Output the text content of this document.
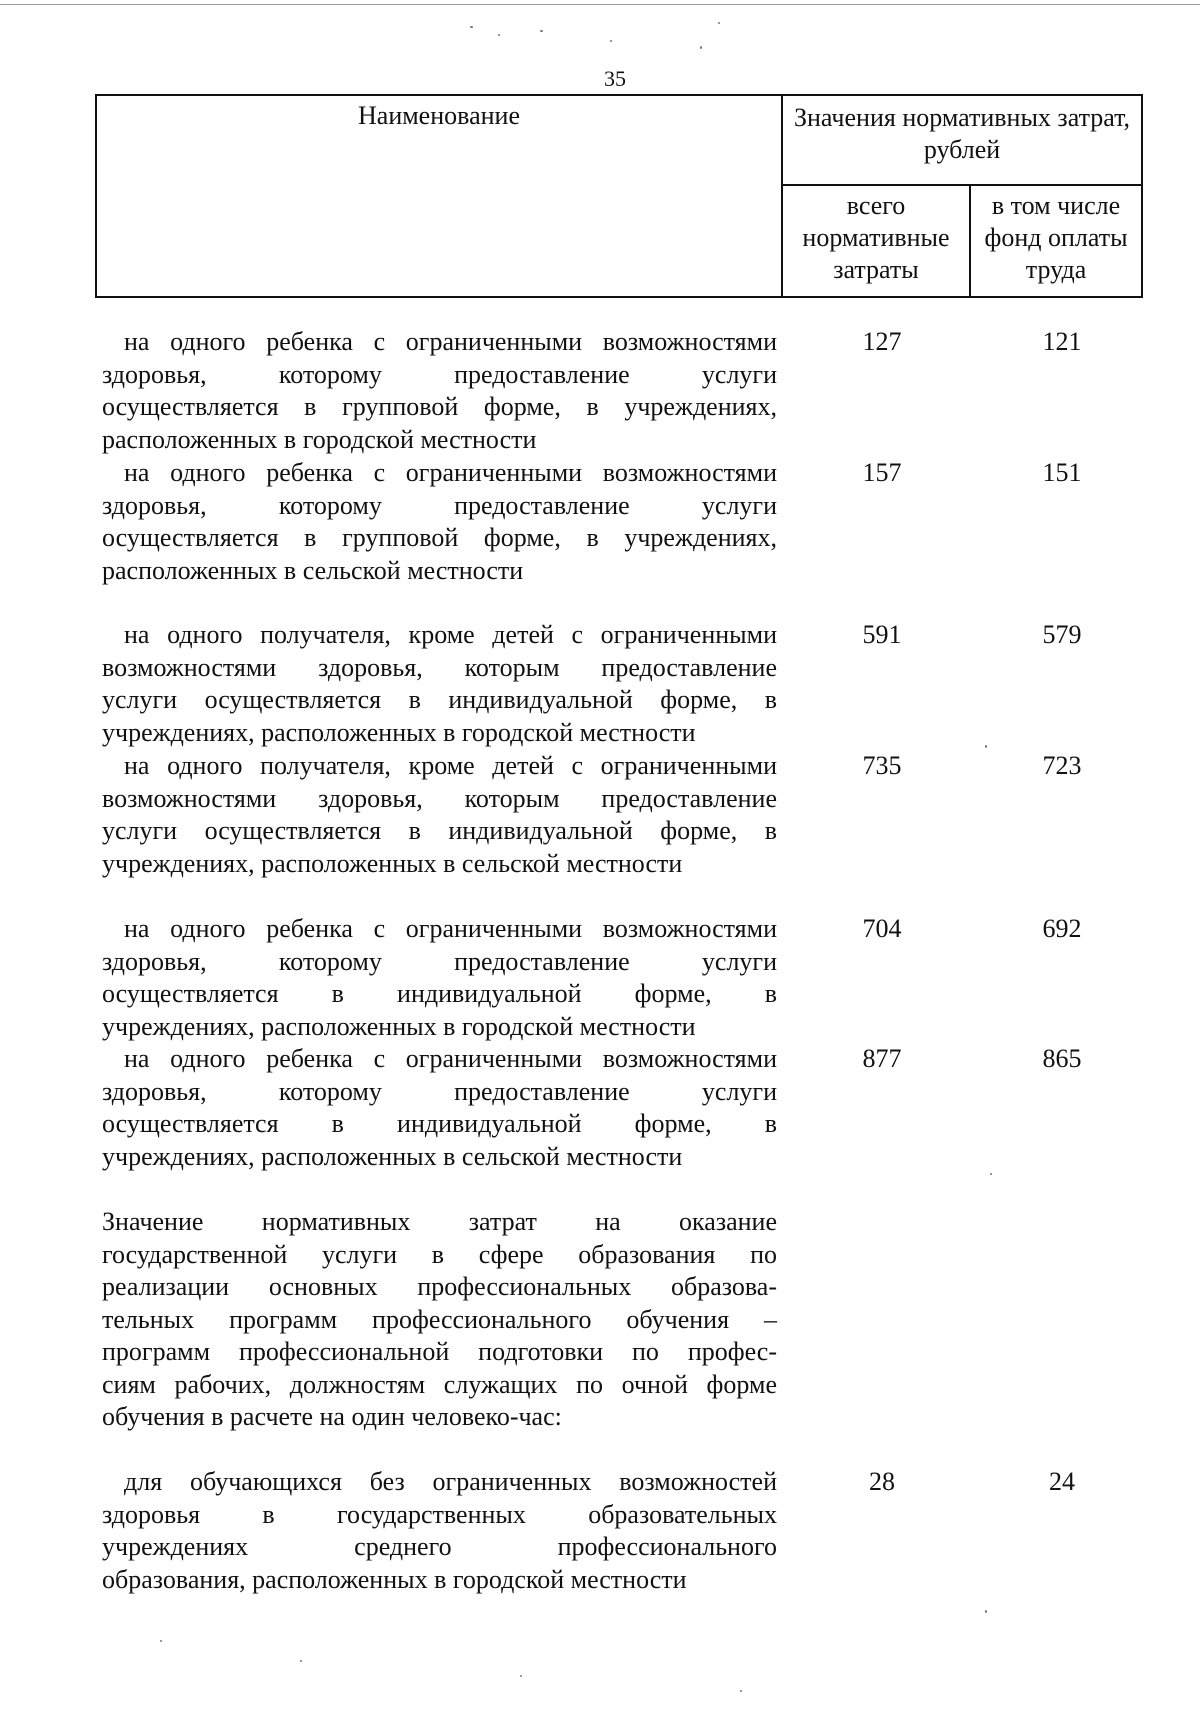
35
Наименование	Значения нормативных затрат, рублей	
	всего нормативные затраты	в том числе фонд оплаты труда
на одного ребенка с ограниченными возможностями
здоровья, которому предоставление услуги
осуществляется в групповой форме, в учреждениях,
расположенных в городской местности
127	121
на одного ребенка с ограниченными возможностями
здоровья, которому предоставление услуги
осуществляется в групповой форме, в учреждениях,
расположенных в сельской местности
157	151
на одного получателя, кроме детей с ограниченными
возможностями здоровья, которым предоставление
услуги осуществляется в индивидуальной форме, в
учреждениях, расположенных в городской местности
591	579
на одного получателя, кроме детей с ограниченными
возможностями здоровья, которым предоставление
услуги осуществляется в индивидуальной форме, в
учреждениях, расположенных в сельской местности
735	723
на одного ребенка с ограниченными возможностями
здоровья, которому предоставление услуги
осуществляется в индивидуальной форме, в
учреждениях, расположенных в городской местности
704	692
на одного ребенка с ограниченными возможностями
здоровья, которому предоставление услуги
осуществляется в индивидуальной форме, в
учреждениях, расположенных в сельской местности
877	865
Значение нормативных затрат на оказание
государственной услуги в сфере образования по
реализации основных профессиональных образова-
тельных программ профессионального обучения –
программ профессиональной подготовки по профес-
сиям рабочих, должностям служащих по очной форме
обучения в расчете на один человеко-час:
для обучающихся без ограниченных возможностей
здоровья в государственных образовательных
учреждениях среднего профессионального
образования, расположенных в городской местности
28	24
